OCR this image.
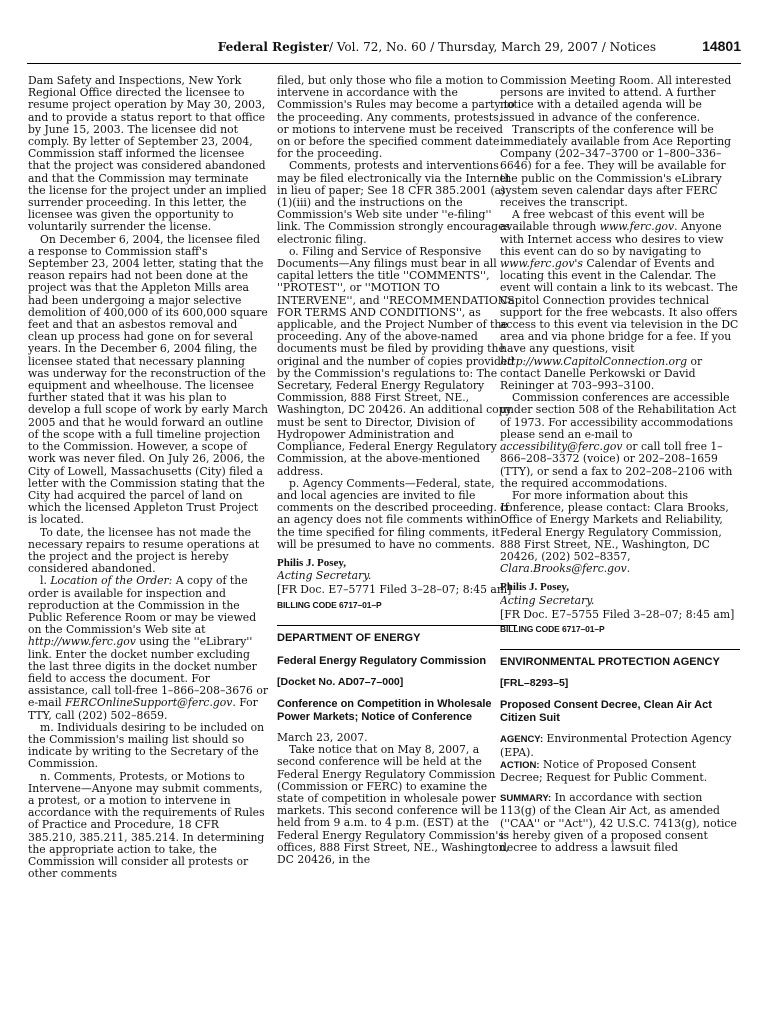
Federal Register/ Vol. 72, No. 60 / Thursday, March 29, 2007 / Notices	14801

Dam Safety and Inspections, New York Regional Office directed the licensee to resume project operation by May 30, 2003, and to provide a status report to that office by June 15, 2003. The licensee did not comply. By letter of September 23, 2004, Commission staff informed the licensee that the project was considered abandoned and that the Commission may terminate the license for the project under an implied surrender proceeding. In this letter, the licensee was given the opportunity to voluntarily surrender the license.

On December 6, 2004, the licensee filed a response to Commission staff's September 23, 2004 letter, stating that the reason repairs had not been done at the project was that the Appleton Mills area had been undergoing a major selective demolition of 400,000 of its 600,000 square feet and that an asbestos removal and clean up process had gone on for several years. In the December 6, 2004 filing, the licensee stated that necessary planning was underway for the reconstruction of the equipment and wheelhouse. The licensee further stated that it was his plan to develop a full scope of work by early March 2005 and that he would forward an outline of the scope with a full timeline projection to the Commission. However, a scope of work was never filed. On July 26, 2006, the City of Lowell, Massachusetts (City) filed a letter with the Commission stating that the City had acquired the parcel of land on which the licensed Appleton Trust Project is located.

To date, the licensee has not made the necessary repairs to resume operations at the project and the project is hereby considered abandoned.

l. Location of the Order: A copy of the order is available for inspection and reproduction at the Commission in the Public Reference Room or may be viewed on the Commission's Web site at http://www.ferc.gov using the ''eLibrary'' link. Enter the docket number excluding the last three digits in the docket number field to access the document. For assistance, call toll-free 1–866–208–3676 or e-mail FERCOnlineSupport@ferc.gov. For TTY, call (202) 502–8659.

m. Individuals desiring to be included on the Commission's mailing list should so indicate by writing to the Secretary of the Commission.

n. Comments, Protests, or Motions to Intervene—Anyone may submit comments, a protest, or a motion to intervene in accordance with the requirements of Rules of Practice and Procedure, 18 CFR 385.210, 385.211, 385.214. In determining the appropriate action to take, the Commission will consider all protests or other comments

filed, but only those who file a motion to intervene in accordance with the Commission's Rules may become a party to the proceeding. Any comments, protests, or motions to intervene must be received on or before the specified comment date for the proceeding.

Comments, protests and interventions may be filed electronically via the Internet in lieu of paper; See 18 CFR 385.2001 (a)(1)(iii) and the instructions on the Commission's Web site under ''e-filing'' link. The Commission strongly encourages electronic filing.

o. Filing and Service of Responsive Documents—Any filings must bear in all capital letters the title ''COMMENTS'', ''PROTEST'', or ''MOTION TO INTERVENE'', and ''RECOMMENDATIONS FOR TERMS AND CONDITIONS'', as applicable, and the Project Number of the proceeding. Any of the above-named documents must be filed by providing the original and the number of copies provided by the Commission's regulations to: The Secretary, Federal Energy Regulatory Commission, 888 First Street, NE., Washington, DC 20426. An additional copy must be sent to Director, Division of Hydropower Administration and Compliance, Federal Energy Regulatory Commission, at the above-mentioned address.

p. Agency Comments—Federal, state, and local agencies are invited to file comments on the described proceeding. If an agency does not file comments within the time specified for filing comments, it will be presumed to have no comments.

Philis J. Posey,
Acting Secretary.
[FR Doc. E7–5771 Filed 3–28–07; 8:45 am]
BILLING CODE 6717–01–P
DEPARTMENT OF ENERGY
Federal Energy Regulatory Commission
[Docket No. AD07–7–000]
Conference on Competition in Wholesale Power Markets; Notice of Conference
March 23, 2007.

Take notice that on May 8, 2007, a second conference will be held at the Federal Energy Regulatory Commission (Commission or FERC) to examine the state of competition in wholesale power markets. This second conference will be held from 9 a.m. to 4 p.m. (EST) at the Federal Energy Regulatory Commission's offices, 888 First Street, NE., Washington, DC 20426, in the

Commission Meeting Room. All interested persons are invited to attend. A further notice with a detailed agenda will be issued in advance of the conference.

Transcripts of the conference will be immediately available from Ace Reporting Company (202–347–3700 or 1–800–336–6646) for a fee. They will be available for the public on the Commission's eLibrary system seven calendar days after FERC receives the transcript.

A free webcast of this event will be available through www.ferc.gov. Anyone with Internet access who desires to view this event can do so by navigating to www.ferc.gov's Calendar of Events and locating this event in the Calendar. The event will contain a link to its webcast. The Capitol Connection provides technical support for the free webcasts. It also offers access to this event via television in the DC area and via phone bridge for a fee. If you have any questions, visit http://www.CapitolConnection.org or contact Danelle Perkowski or David Reininger at 703–993–3100.

Commission conferences are accessible under section 508 of the Rehabilitation Act of 1973. For accessibility accommodations please send an e-mail to accessibility@ferc.gov or call toll free 1–866–208–3372 (voice) or 202–208–1659 (TTY), or send a fax to 202–208–2106 with the required accommodations.

For more information about this conference, please contact: Clara Brooks, Office of Energy Markets and Reliability, Federal Energy Regulatory Commission, 888 First Street, NE., Washington, DC 20426, (202) 502–8357, Clara.Brooks@ferc.gov.

Philis J. Posey,
Acting Secretary.
[FR Doc. E7–5755 Filed 3–28–07; 8:45 am]
BILLING CODE 6717–01–P
ENVIRONMENTAL PROTECTION AGENCY
[FRL–8293–5]
Proposed Consent Decree, Clean Air Act Citizen Suit

AGENCY: Environmental Protection Agency (EPA).

ACTION: Notice of Proposed Consent Decree; Request for Public Comment.

SUMMARY: In accordance with section 113(g) of the Clean Air Act, as amended (''CAA'' or ''Act''), 42 U.S.C. 7413(g), notice is hereby given of a proposed consent decree to address a lawsuit filed
